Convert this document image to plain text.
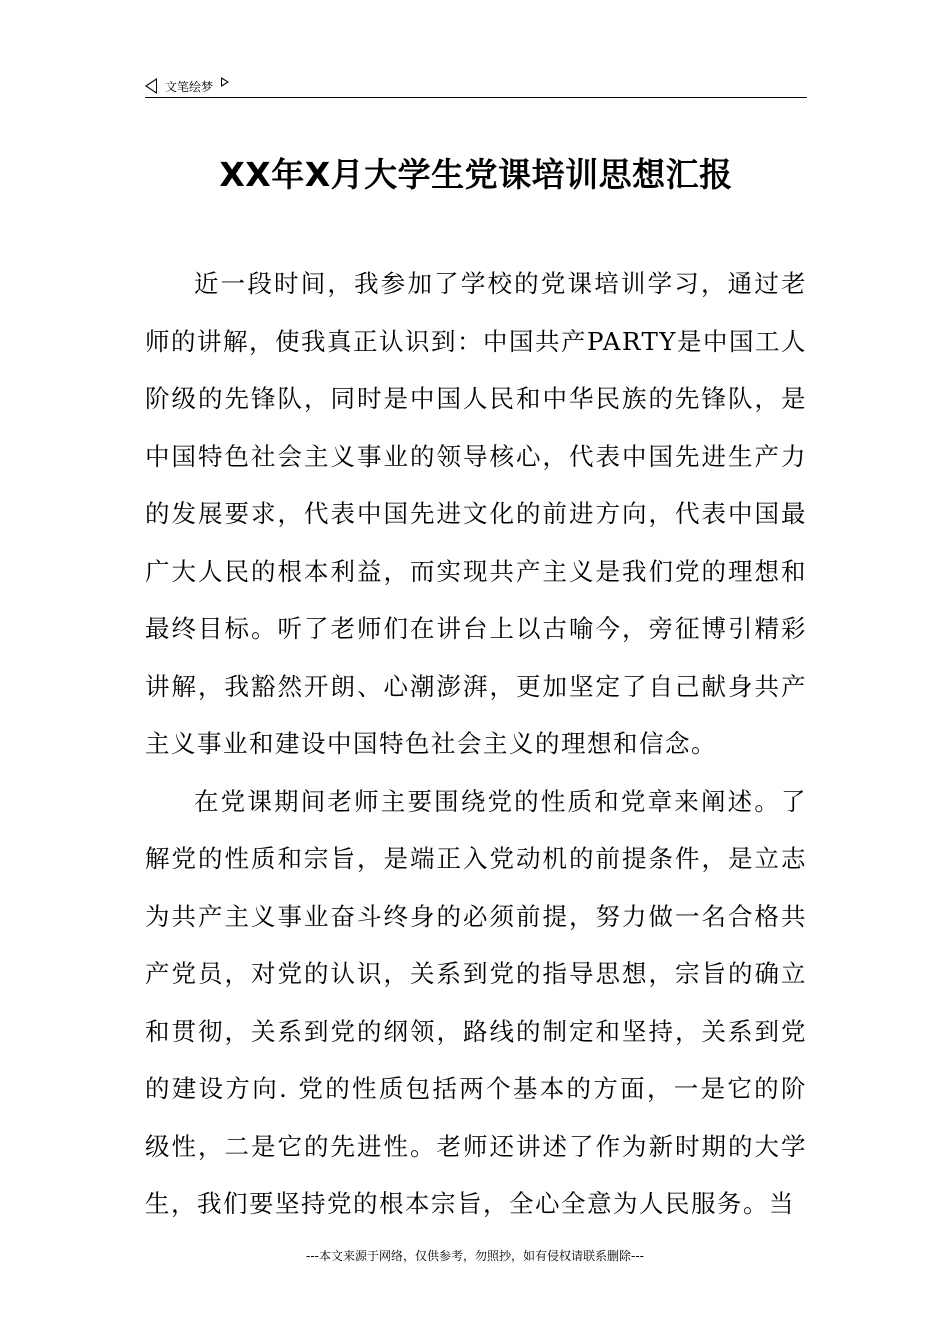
文笔绘梦
XX年X月大学生党课培训思想汇报

近一段时间，我参加了学校的党课培训学习，通过老师的讲解，使我真正认识到：中国共产PARTY是中国工人阶级的先锋队，同时是中国人民和中华民族的先锋队，是中国特色社会主义事业的领导核心，代表中国先进生产力的发展要求，代表中国先进文化的前进方向，代表中国最广大人民的根本利益，而实现共产主义是我们党的理想和最终目标。听了老师们在讲台上以古喻今，旁征博引精彩讲解，我豁然开朗、心潮澎湃，更加坚定了自己献身共产主义事业和建设中国特色社会主义的理想和信念。

在党课期间老师主要围绕党的性质和党章来阐述。了解党的性质和宗旨，是端正入党动机的前提条件，是立志为共产主义事业奋斗终身的必须前提，努力做一名合格共产党员，对党的认识，关系到党的指导思想，宗旨的确立和贯彻，关系到党的纲领，路线的制定和坚持，关系到党的建设方向. 党的性质包括两个基本的方面，一是它的阶级性，二是它的先进性。老师还讲述了作为新时期的大学生，我们要坚持党的根本宗旨，全心全意为人民服务。当

---本文来源于网络，仅供参考，勿照抄，如有侵权请联系删除---
